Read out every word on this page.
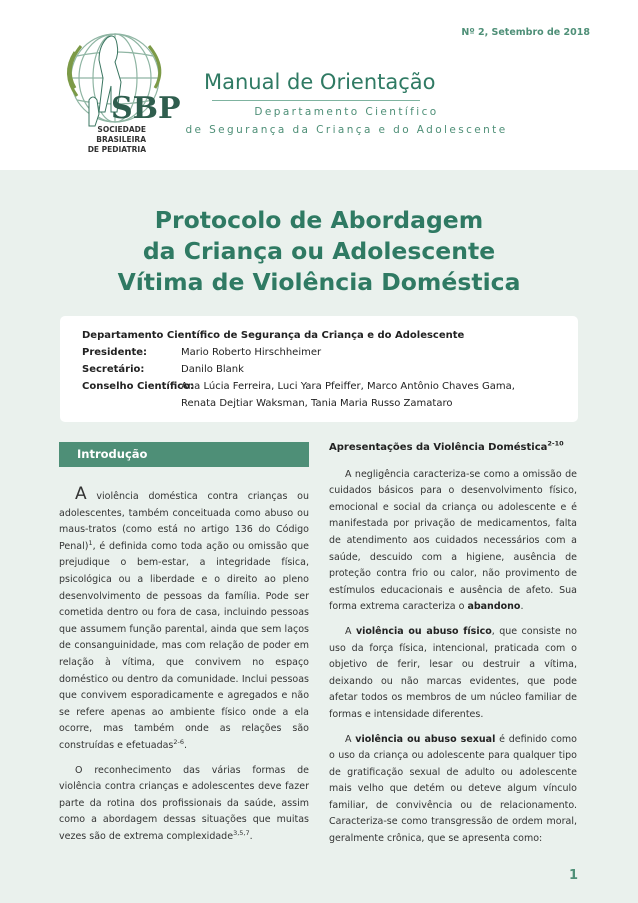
Nº 2, Setembro de 2018
SBP
SOCIEDADE BRASILEIRA
DE PEDIATRIA
Manual de Orientação
Departamento Científico
de Segurança da Criança e do Adolescente
Protocolo de Abordagem
da Criança ou Adolescente
Vítima de Violência Doméstica
Departamento Científico de Segurança da Criança e do Adolescente
Presidente:	Mario Roberto Hirschheimer
Secretário:	Danilo Blank
Conselho Científico:
Ana Lúcia Ferreira, Luci Yara Pfeiffer, Marco Antônio Chaves Gama,
Renata Dejtiar Waksman, Tania Maria Russo Zamataro
Introdução

A violência doméstica contra crianças ou adolescentes, também conceituada como abuso ou maus-tratos (como está no artigo 136 do Código Penal)$^1$, é definida como toda ação ou omissão que prejudique o bem-estar, a integridade física, psicológica ou a liberdade e o direito ao pleno desenvolvimento de pessoas da família. Pode ser cometida dentro ou fora de casa, incluindo pessoas que assumem função parental, ainda que sem laços de consanguinidade, mas com relação de poder em relação à vítima, que convivem no espaço doméstico ou dentro da comunidade. Inclui pessoas que convivem esporadicamente e agregados e não se refere apenas ao ambiente físico onde a ela ocorre, mas também onde as relações são construídas e efetuadas$^{2-6}$.

O reconhecimento das várias formas de violência contra crianças e adolescentes deve fazer parte da rotina dos profissionais da saúde, assim como a abordagem dessas situações que muitas vezes são de extrema complexidade$^{3,5,7}$.

Apresentações da Violência Doméstica$^{2-10}$

A negligência caracteriza-se como a omissão de cuidados básicos para o desenvolvimento físico, emocional e social da criança ou adolescente e é manifestada por privação de medicamentos, falta de atendimento aos cuidados necessários com a saúde, descuido com a higiene, ausência de proteção contra frio ou calor, não provimento de estímulos educacionais e ausência de afeto. Sua forma extrema caracteriza o abandono.

A violência ou abuso físico, que consiste no uso da força física, intencional, praticada com o objetivo de ferir, lesar ou destruir a vítima, deixando ou não marcas evidentes, que pode afetar todos os membros de um núcleo familiar de formas e intensidade diferentes.

A violência ou abuso sexual é definido como o uso da criança ou adolescente para qualquer tipo de gratificação sexual de adulto ou adolescente mais velho que detém ou deteve algum vínculo familiar, de convivência ou de relacionamento. Caracteriza-se como transgressão de ordem moral, geralmente crônica, que se apresenta como:

1
